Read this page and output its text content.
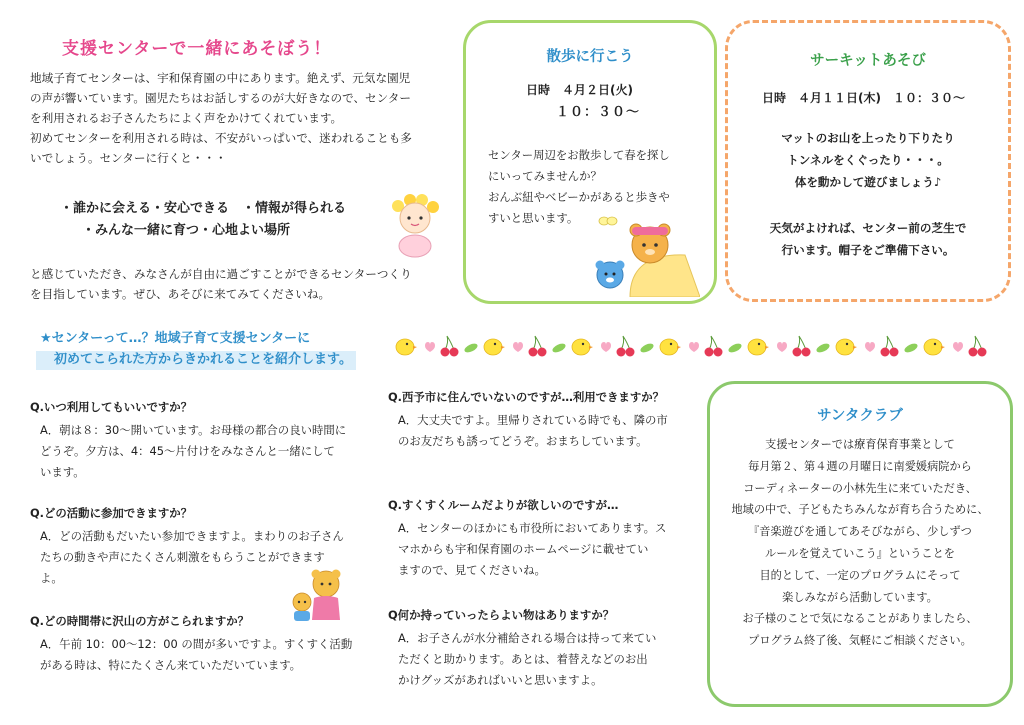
支援センターで一緒にあそぼう！

地域子育てセンターは、宇和保育園の中にあります。絶えず、元気な園児

の声が響いています。園児たちはお話しするのが大好きなので、センター

を利用されるお子さんたちによく声をかけてくれています。

初めてセンターを利用される時は、不安がいっぱいで、迷われることも多

いでしょう。センターに行くと・・・

・誰かに会える・安心できる　・情報が得られる
・みんな一緒に育つ・心地よい場所

と感じていただき、みなさんが自由に過ごすことができるセンターつくり

を目指しています。ぜひ、あそびに来てみてくださいね。

散歩に行こう
日時　４月２日(火)
１０：３０～

センター周辺をお散歩して春を探し

にいってみませんか？

おんぶ紐やベビーかがあると歩きや

すいと思います。

サーキットあそび
日時　４月１１日(木)　１０：３０～

マットのお山を上ったり下りたり

トンネルをくぐったり・・・。

体を動かして遊びましょう♪

天気がよければ、センター前の芝生で

行います。帽子をご準備下さい。

★センターって…？地域子育て支援センターに
初めてこられた方からきかれることを紹介します。
Q.いつ利用してもいいですか？

A．朝は８：30～開いています。お母様の都合の良い時間に

どうぞ。夕方は、4：45～片付けをみなさんと一緒にして

います。

Q.どの活動に参加できますか？

A．どの活動もだいたい参加できますよ。まわりのお子さん

たちの動きや声にたくさん刺激をもらうことができます

よ。

Q.どの時間帯に沢山の方がこられますか？

A．午前 10：00～12：00 の間が多いですよ。すくすく活動

がある時は、特にたくさん来ていただいています。

Q.西予市に住んでいないのですが…利用できますか？

A．大丈夫ですよ。里帰りされている時でも、隣の市

のお友だちも誘ってどうぞ。おまちしています。

Q.すくすくルームだよりが欲しいのですが…

A．センターのほかにも市役所においてあります。ス

マホからも宇和保育園のホームページに載せてい

ますので、見てくださいね。

Q何か持っていったらよい物はありますか？

A．お子さんが水分補給される場合は持って来てい

ただくと助かります。あとは、着替えなどのお出

かけグッズがあればいいと思いますよ。

サンタクラブ

支援センターでは療育保育事業として

毎月第２、第４週の月曜日に南愛媛病院から

コーディネーターの小林先生に来ていただき、

地域の中で、子どもたちみんなが育ち合うために、

『音楽遊びを通してあそびながら、少しずつ

ルールを覚えていこう』ということを

目的として、一定のプログラムにそって

楽しみながら活動しています。

お子様のことで気になることがありましたら、

プログラム終了後、気軽にご相談ください。
